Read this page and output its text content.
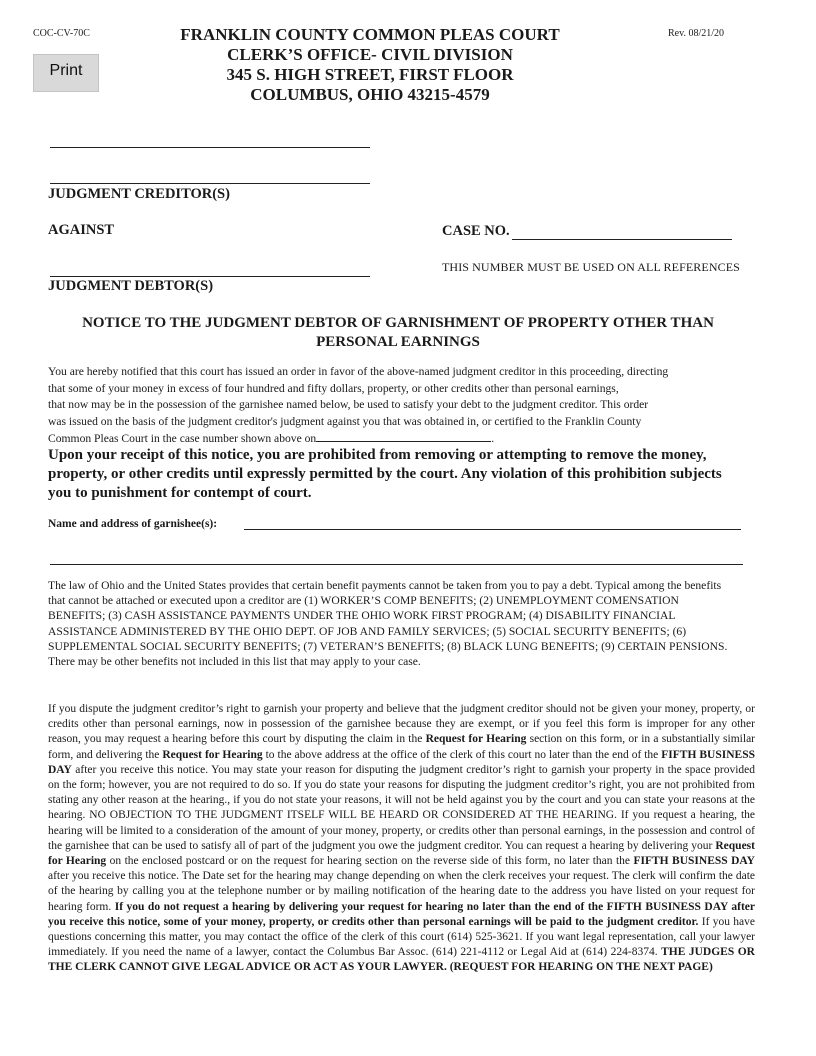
COC-CV-70C	Rev. 08/21/20
Print
FRANKLIN COUNTY COMMON PLEAS COURT
CLERK’S OFFICE- CIVIL DIVISION
345 S. HIGH STREET, FIRST FLOOR
COLUMBUS, OHIO 43215-4579
JUDGMENT CREDITOR(S)
AGAINST	CASE NO.
THIS NUMBER MUST BE USED ON ALL REFERENCES
JUDGMENT DEBTOR(S)
NOTICE TO THE JUDGMENT DEBTOR OF GARNISHMENT OF PROPERTY OTHER THAN
PERSONAL EARNINGS
You are hereby notified that this court has issued an order in favor of the above-named judgment creditor in this proceeding, directing
that some of your money in excess of four hundred and fifty dollars, property, or other credits other than personal earnings,
that now may be in the possession of the garnishee named below, be used to satisfy your debt to the judgment creditor. This order
was issued on the basis of the judgment creditor's judgment against you that was obtained in, or certified to the Franklin County
Common Pleas Court in the case number shown above on	.
Upon your receipt of this notice, you are prohibited from removing or attempting to remove the money, property, or other credits until expressly permitted by the court. Any violation of this prohibition subjects you to punishment for contempt of court.
Name and address of garnishee(s):
The law of Ohio and the United States provides that certain benefit payments cannot be taken from you to pay a debt. Typical among the benefits that cannot be attached or executed upon a creditor are (1) WORKER’S COMP BENEFITS; (2) UNEMPLOYMENT COMENSATION BENEFITS; (3) CASH ASSISTANCE PAYMENTS UNDER THE OHIO WORK FIRST PROGRAM; (4) DISABILITY FINANCIAL ASSISTANCE ADMINISTERED BY THE OHIO DEPT. OF JOB AND FAMILY SERVICES; (5) SOCIAL SECURITY BENEFITS; (6) SUPPLEMENTAL SOCIAL SECURITY BENEFITS; (7) VETERAN’S BENEFITS; (8) BLACK LUNG BENEFITS; (9) CERTAIN PENSIONS. There may be other benefits not included in this list that may apply to your case.
If you dispute the judgment creditor’s right to garnish your property and believe that the judgment creditor should not be given your money, property, or credits other than personal earnings, now in possession of the garnishee because they are exempt, or if you feel this form is improper for any other reason, you may request a hearing before this court by disputing the claim in the Request for Hearing section on this form, or in a substantially similar form, and delivering the Request for Hearing to the above address at the office of the clerk of this court no later than the end of the FIFTH BUSINESS DAY after you receive this notice. You may state your reason for disputing the judgment creditor’s right to garnish your property in the space provided on the form; however, you are not required to do so. If you do state your reasons for disputing the judgment creditor’s right, you are not prohibited from stating any other reason at the hearing., if you do not state your reasons, it will not be held against you by the court and you can state your reasons at the hearing. NO OBJECTION TO THE JUDGMENT ITSELF WILL BE HEARD OR CONSIDERED AT THE HEARING. If you request a hearing, the hearing will be limited to a consideration of the amount of your money, property, or credits other than personal earnings, in the possession and control of the garnishee that can be used to satisfy all of part of the judgment you owe the judgment creditor. You can request a hearing by delivering your Request for Hearing on the enclosed postcard or on the request for hearing section on the reverse side of this form, no later than the FIFTH BUSINESS DAY after you receive this notice. The Date set for the hearing may change depending on when the clerk receives your request. The clerk will confirm the date of the hearing by calling you at the telephone number or by mailing notification of the hearing date to the address you have listed on your request for hearing form. If you do not request a hearing by delivering your request for hearing no later than the end of the FIFTH BUSINESS DAY after you receive this notice, some of your money, property, or credits other than personal earnings will be paid to the judgment creditor. If you have questions concerning this matter, you may contact the office of the clerk of this court (614) 525-3621. If you want legal representation, call your lawyer immediately. If you need the name of a lawyer, contact the Columbus Bar Assoc. (614) 221-4112 or Legal Aid at (614) 224-8374. THE JUDGES OR THE CLERK CANNOT GIVE LEGAL ADVICE OR ACT AS YOUR LAWYER. (REQUEST FOR HEARING ON THE NEXT PAGE)
